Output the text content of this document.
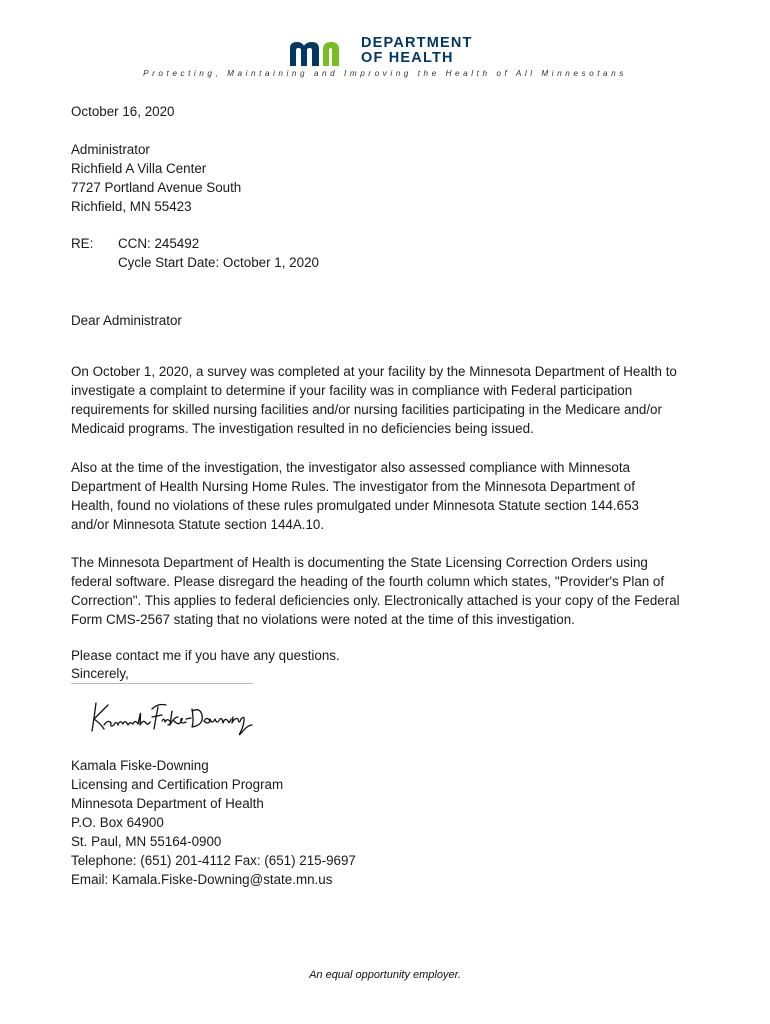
DEPARTMENT
OF HEALTH
Protecting, Maintaining and Improving the Health of All Minnesotans
October 16, 2020
Administrator
Richfield A Villa Center
7727 Portland Avenue South
Richfield, MN 55423
RE: CCN: 245492
Cycle Start Date: October 1, 2020
Dear Administrator

On October 1, 2020, a survey was completed at your facility by the Minnesota Department of Health to investigate a complaint to determine if your facility was in compliance with Federal participation requirements for skilled nursing facilities and/or nursing facilities participating in the Medicare and/or Medicaid programs. The investigation resulted in no deficiencies being issued.

Also at the time of the investigation, the investigator also assessed compliance with Minnesota Department of Health Nursing Home Rules. The investigator from the Minnesota Department of Health, found no violations of these rules promulgated under Minnesota Statute section 144.653 and/or Minnesota Statute section 144A.10.

The Minnesota Department of Health is documenting the State Licensing Correction Orders using federal software. Please disregard the heading of the fourth column which states, "Provider's Plan of Correction". This applies to federal deficiencies only. Electronically attached is your copy of the Federal Form CMS-2567 stating that no violations were noted at the time of this investigation.

Please contact me if you have any questions.

Sincerely,
Kamala Fiske-Downing
Licensing and Certification Program
Minnesota Department of Health
P.O. Box 64900
St. Paul, MN 55164-0900
Telephone: (651) 201-4112 Fax: (651) 215-9697
Email: Kamala.Fiske-Downing@state.mn.us
An equal opportunity employer.
